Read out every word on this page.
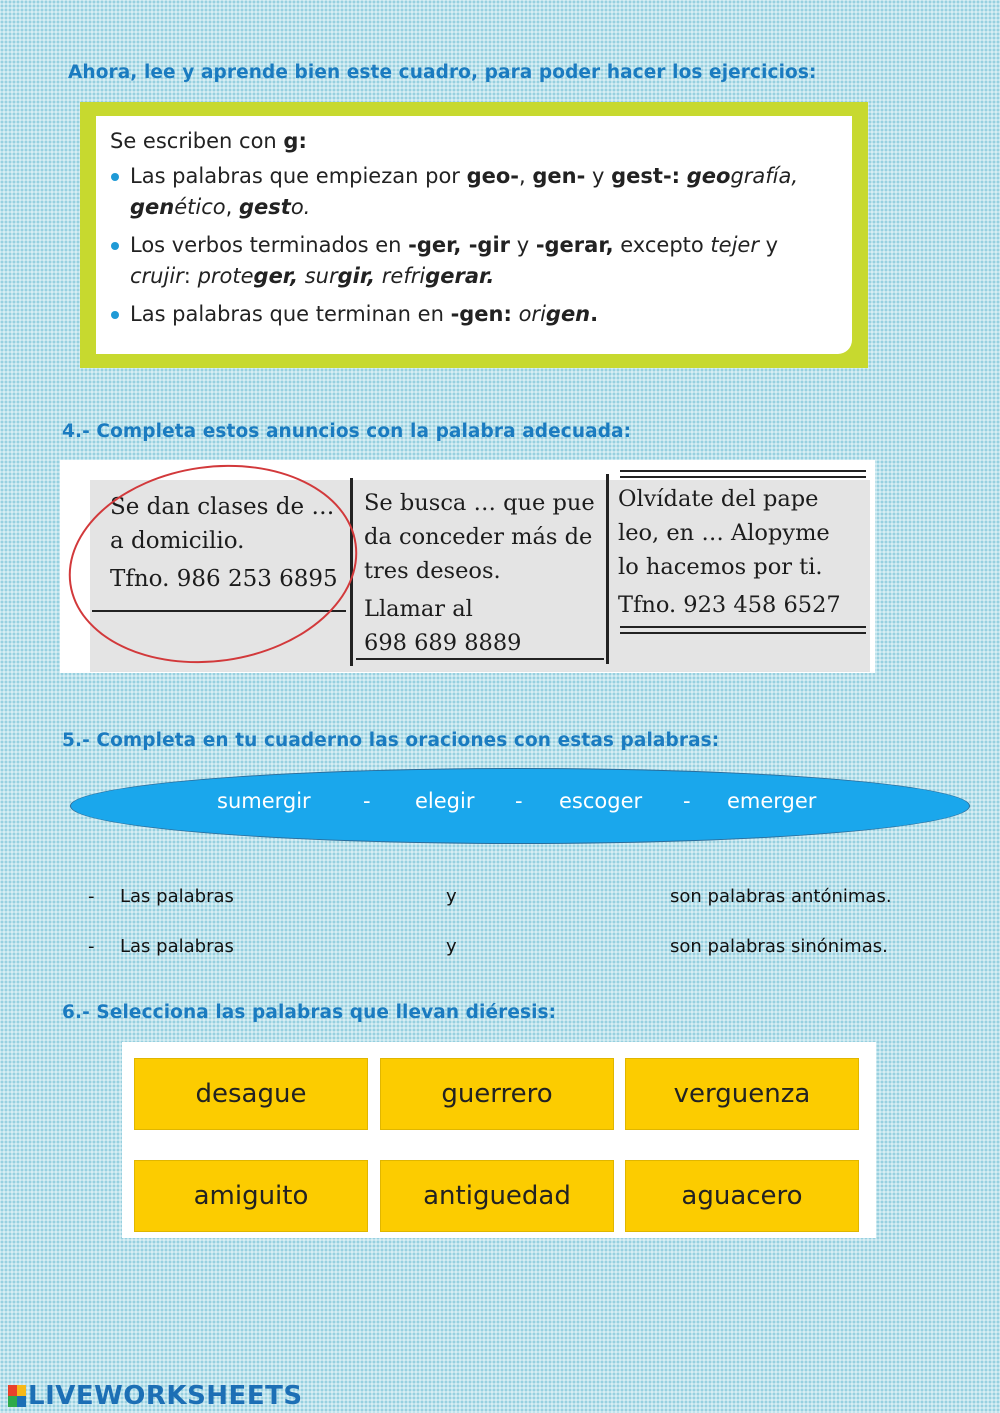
Ahora, lee y aprende bien este cuadro, para poder hacer los ejercicios:

Se escriben con g:

Las palabras que empiezan por geo-, gen- y gest-: geografía,
genético, gesto.
Los verbos terminados en -ger, -gir y -gerar, excepto tejer y
crujir: proteger, surgir, refrigerar.
Las palabras que terminan en -gen: origen.

4.- Completa estos anuncios con la palabra adecuada:

Se dan clases de …
a domicilio.
Tfno. 986 253 6895
Se busca … que pue
da conceder más de
tres deseos.
Llamar al
698 689 8889
Olvídate del pape
leo, en … Alopyme
lo hacemos por ti.
Tfno. 923 458 6527

5.- Completa en tu cuaderno las oraciones con estas palabras:

sumergir - elegir - escoger - emerger
- Las palabras	y	son palabras antónimas.
- Las palabras	y	son palabras sinónimas.

6.- Selecciona las palabras que llevan diéresis:

desague	guerrero	verguenza
amiguito	antiguedad	aguacero
LIVEWORKSHEETS
